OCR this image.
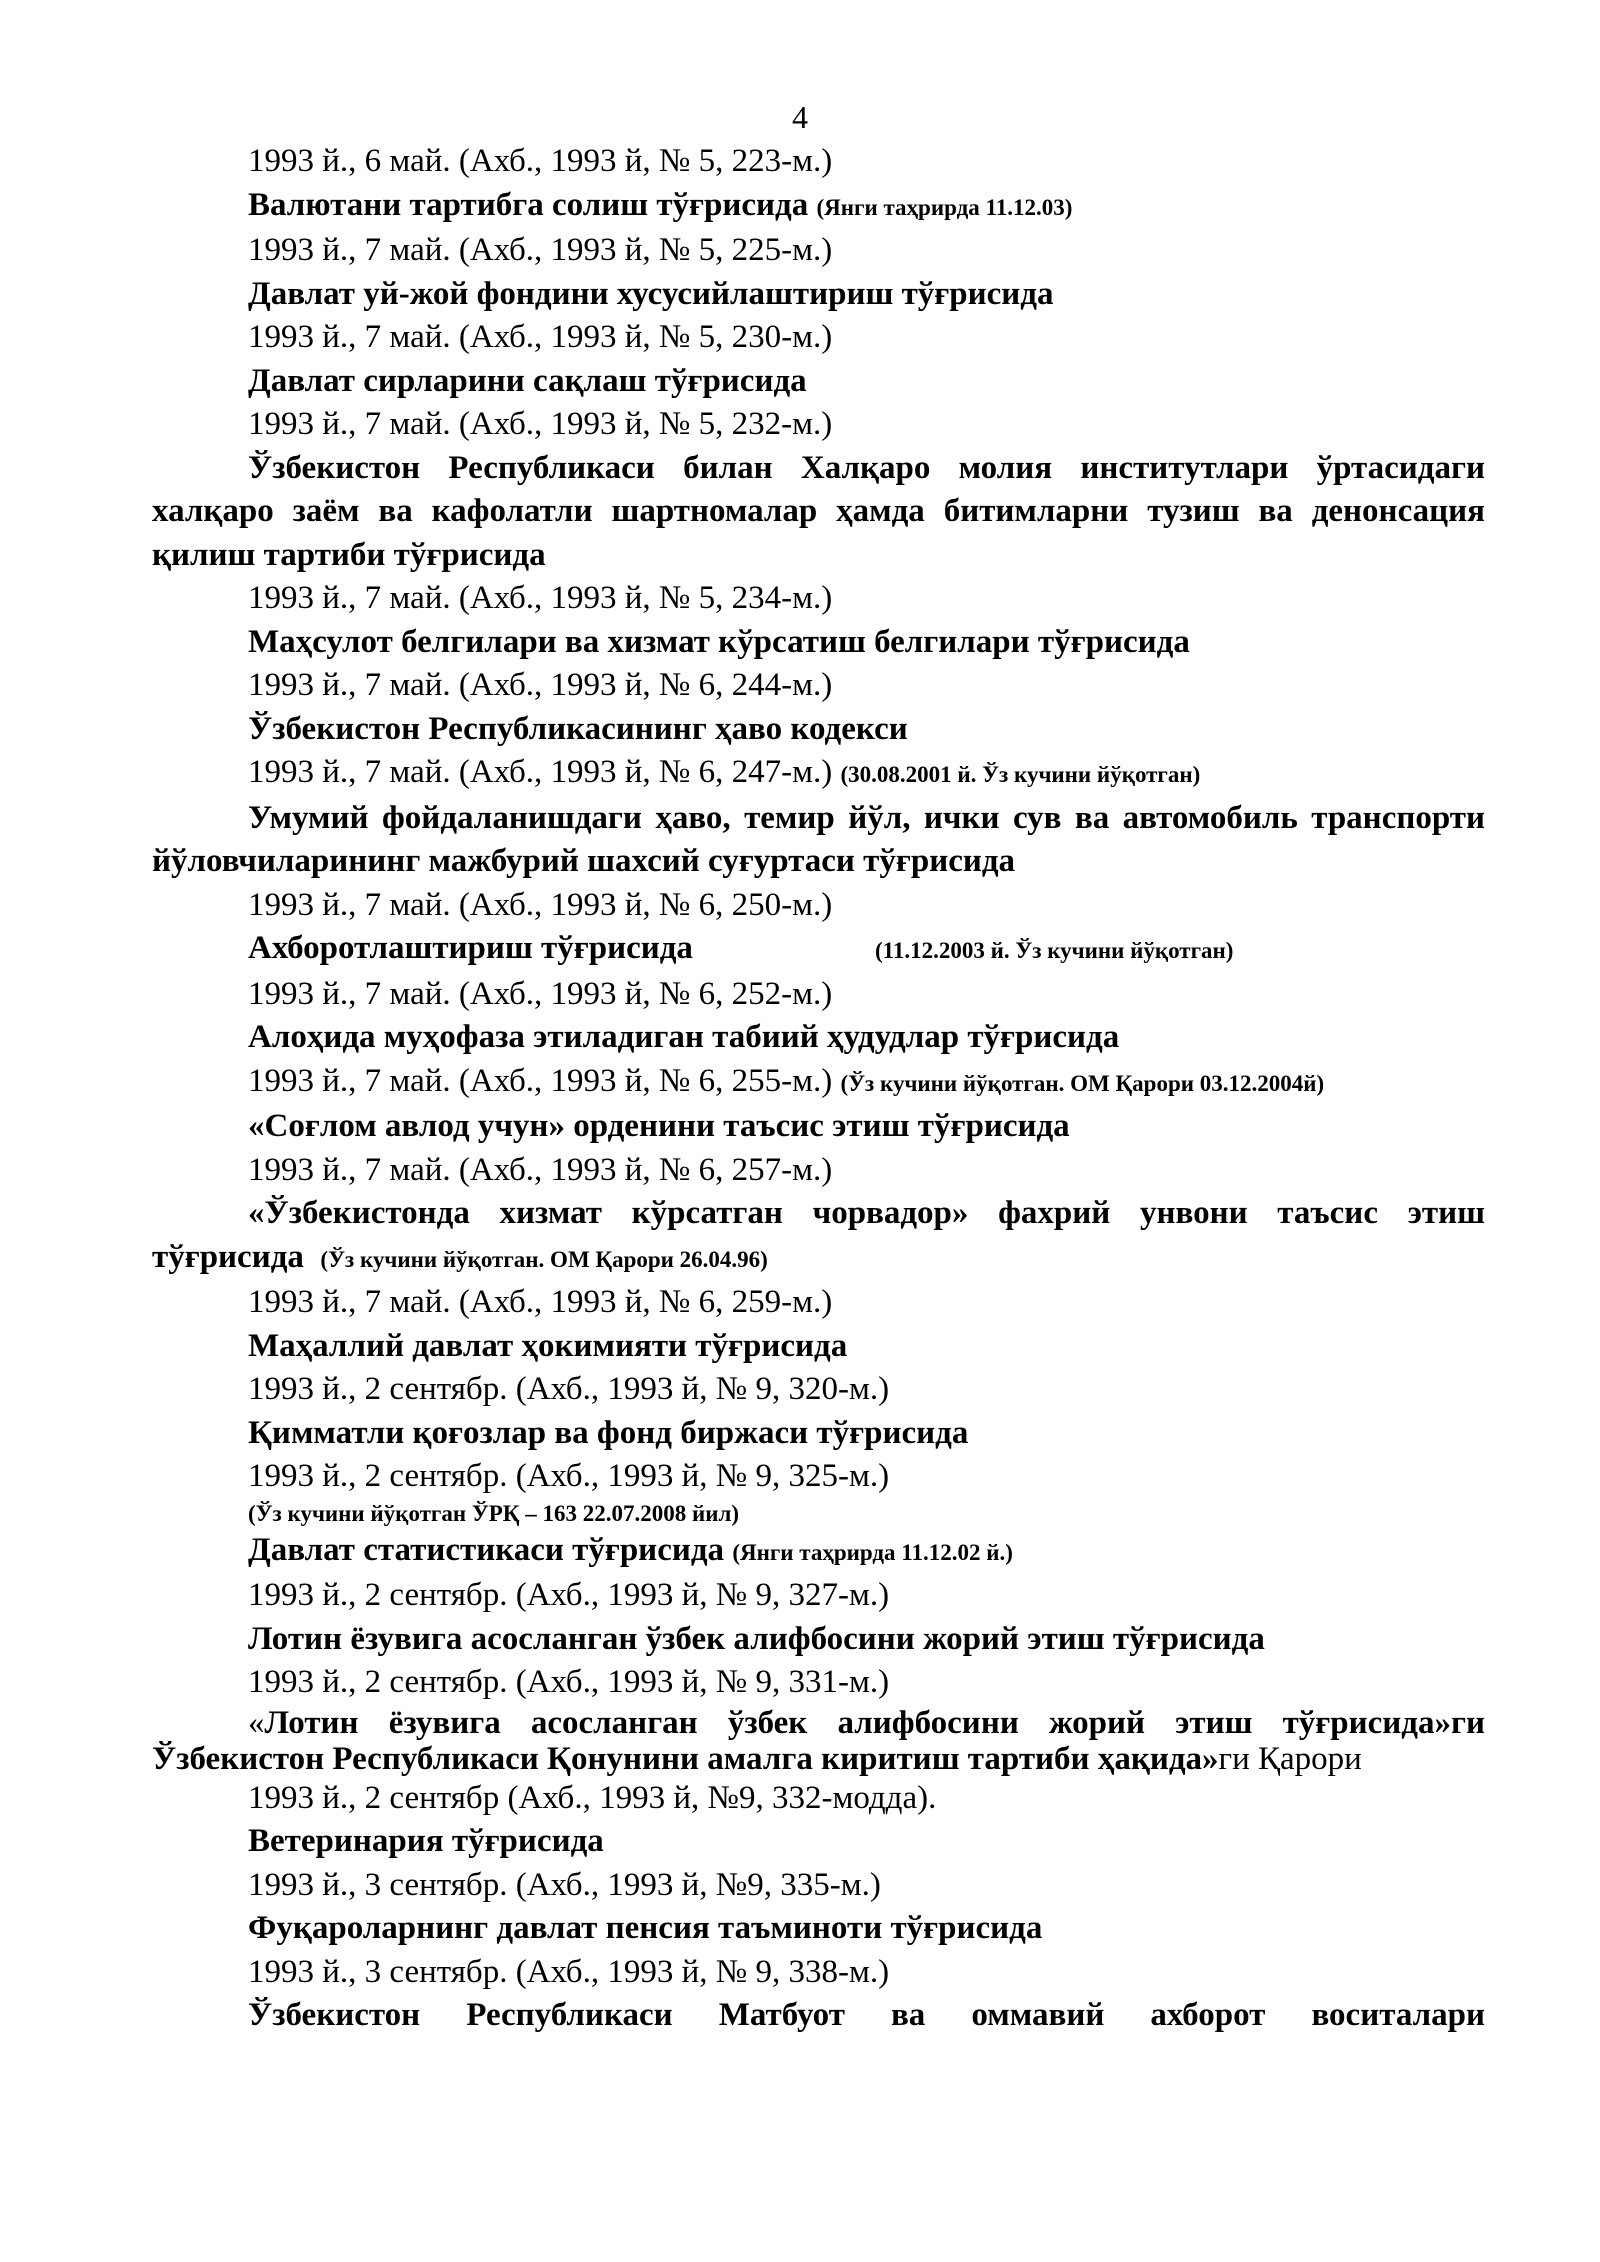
4

1993 й., 6 май. (Ахб., 1993 й, № 5, 223-м.)

Валютани тартибга солиш тўғрисида (Янги таҳрирда 11.12.03)

1993 й., 7 май. (Ахб., 1993 й, № 5, 225-м.)

Давлат уй-жой фондини хусусийлаштириш тўғрисида

1993 й., 7 май. (Ахб., 1993 й, № 5, 230-м.)

Давлат сирларини сақлаш тўғрисида

1993 й., 7 май. (Ахб., 1993 й, № 5, 232-м.)

Ўзбекистон Республикаси билан Халқаро молия институтлари ўртасидаги халқаро заём ва кафолатли шартномалар ҳамда битимларни тузиш ва денонсация қилиш тартиби тўғрисида

1993 й., 7 май. (Ахб., 1993 й, № 5, 234-м.)

Маҳсулот белгилари ва хизмат кўрсатиш белгилари тўғрисида

1993 й., 7 май. (Ахб., 1993 й, № 6, 244-м.)

Ўзбекистон Республикасининг ҳаво кодекси

1993 й., 7 май. (Ахб., 1993 й, № 6, 247-м.) (30.08.2001 й. Ўз кучини йўқотган)

Умумий фойдаланишдаги ҳаво, темир йўл, ички сув ва автомобиль транспорти йўловчиларининг мажбурий шахсий суғуртаси тўғрисида

1993 й., 7 май. (Ахб., 1993 й, № 6, 250-м.)

Ахборотлаштириш тўғрисида	(11.12.2003 й. Ўз кучини йўқотган)

1993 й., 7 май. (Ахб., 1993 й, № 6, 252-м.)

Алоҳида муҳофаза этиладиган табиий ҳудудлар тўғрисида

1993 й., 7 май. (Ахб., 1993 й, № 6, 255-м.) (Ўз кучини йўқотган. ОМ Қарори 03.12.2004й)

«Соғлом авлод учун» орденини таъсис этиш тўғрисида

1993 й., 7 май. (Ахб., 1993 й, № 6, 257-м.)

«Ўзбекистонда хизмат кўрсатган чорвадор» фахрий унвони таъсис этиш тўғрисида (Ўз кучини йўқотган. ОМ Қарори 26.04.96)

1993 й., 7 май. (Ахб., 1993 й, № 6, 259-м.)

Маҳаллий давлат ҳокимияти тўғрисида

1993 й., 2 сентябр. (Ахб., 1993 й, № 9, 320-м.)

Қимматли қоғозлар ва фонд биржаси тўғрисида

1993 й., 2 сентябр. (Ахб., 1993 й, № 9, 325-м.)

(Ўз кучини йўқотган ЎРҚ – 163 22.07.2008 йил)

Давлат статистикаси тўғрисида (Янги таҳрирда 11.12.02 й.)

1993 й., 2 сентябр. (Ахб., 1993 й, № 9, 327-м.)

Лотин ёзувига асосланган ўзбек алифбосини жорий этиш тўғрисида

1993 й., 2 сентябр. (Ахб., 1993 й, № 9, 331-м.)

«Лотин ёзувига асосланган ўзбек алифбосини жорий этиш тўғрисида»ги Ўзбекистон Республикаси Қонунини амалга киритиш тартиби ҳақида»ги Қарори

1993 й., 2 сентябр (Ахб., 1993 й, №9, 332-модда).

Ветеринария тўғрисида

1993 й., 3 сентябр. (Ахб., 1993 й, №9, 335-м.)

Фуқароларнинг давлат пенсия таъминоти тўғрисида

1993 й., 3 сентябр. (Ахб., 1993 й, № 9, 338-м.)

Ўзбекистон Республикаси Матбуот ва оммавий ахборот воситалари
